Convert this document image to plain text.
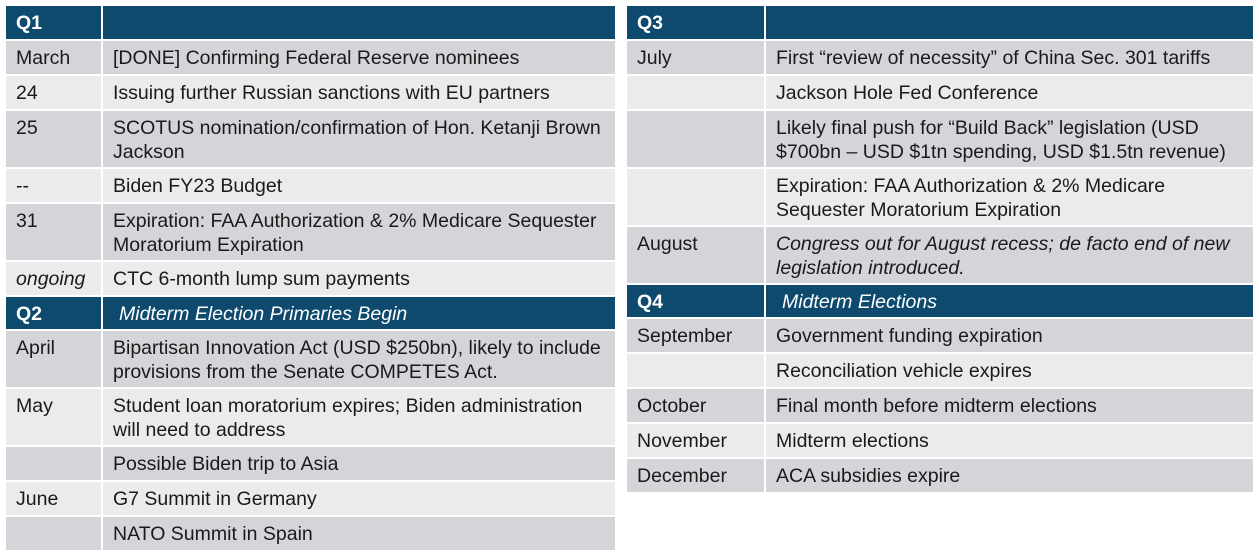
Q1	
March	[DONE] Confirming Federal Reserve nominees
24	Issuing further Russian sanctions with EU partners
25	SCOTUS nomination/confirmation of Hon. Ketanji Brown Jackson
--	Biden FY23 Budget
31	Expiration: FAA Authorization & 2% Medicare Sequester Moratorium Expiration
ongoing	CTC 6-month lump sum payments
Q2	Midterm Election Primaries Begin
April	Bipartisan Innovation Act (USD $250bn), likely to include provisions from the Senate COMPETES Act.
May	Student loan moratorium expires; Biden administration will need to address
	Possible Biden trip to Asia
June	G7 Summit in Germany
	NATO Summit in Spain
Q3	
July	First “review of necessity” of China Sec. 301 tariffs
	Jackson Hole Fed Conference
	Likely final push for “Build Back” legislation (USD $700bn – USD $1tn spending, USD $1.5tn revenue)
	Expiration: FAA Authorization & 2% Medicare Sequester Moratorium Expiration
August	Congress out for August recess; de facto end of new legislation introduced.
Q4	Midterm Elections
September	Government funding expiration
	Reconciliation vehicle expires
October	Final month before midterm elections
November	Midterm elections
December	ACA subsidies expire
